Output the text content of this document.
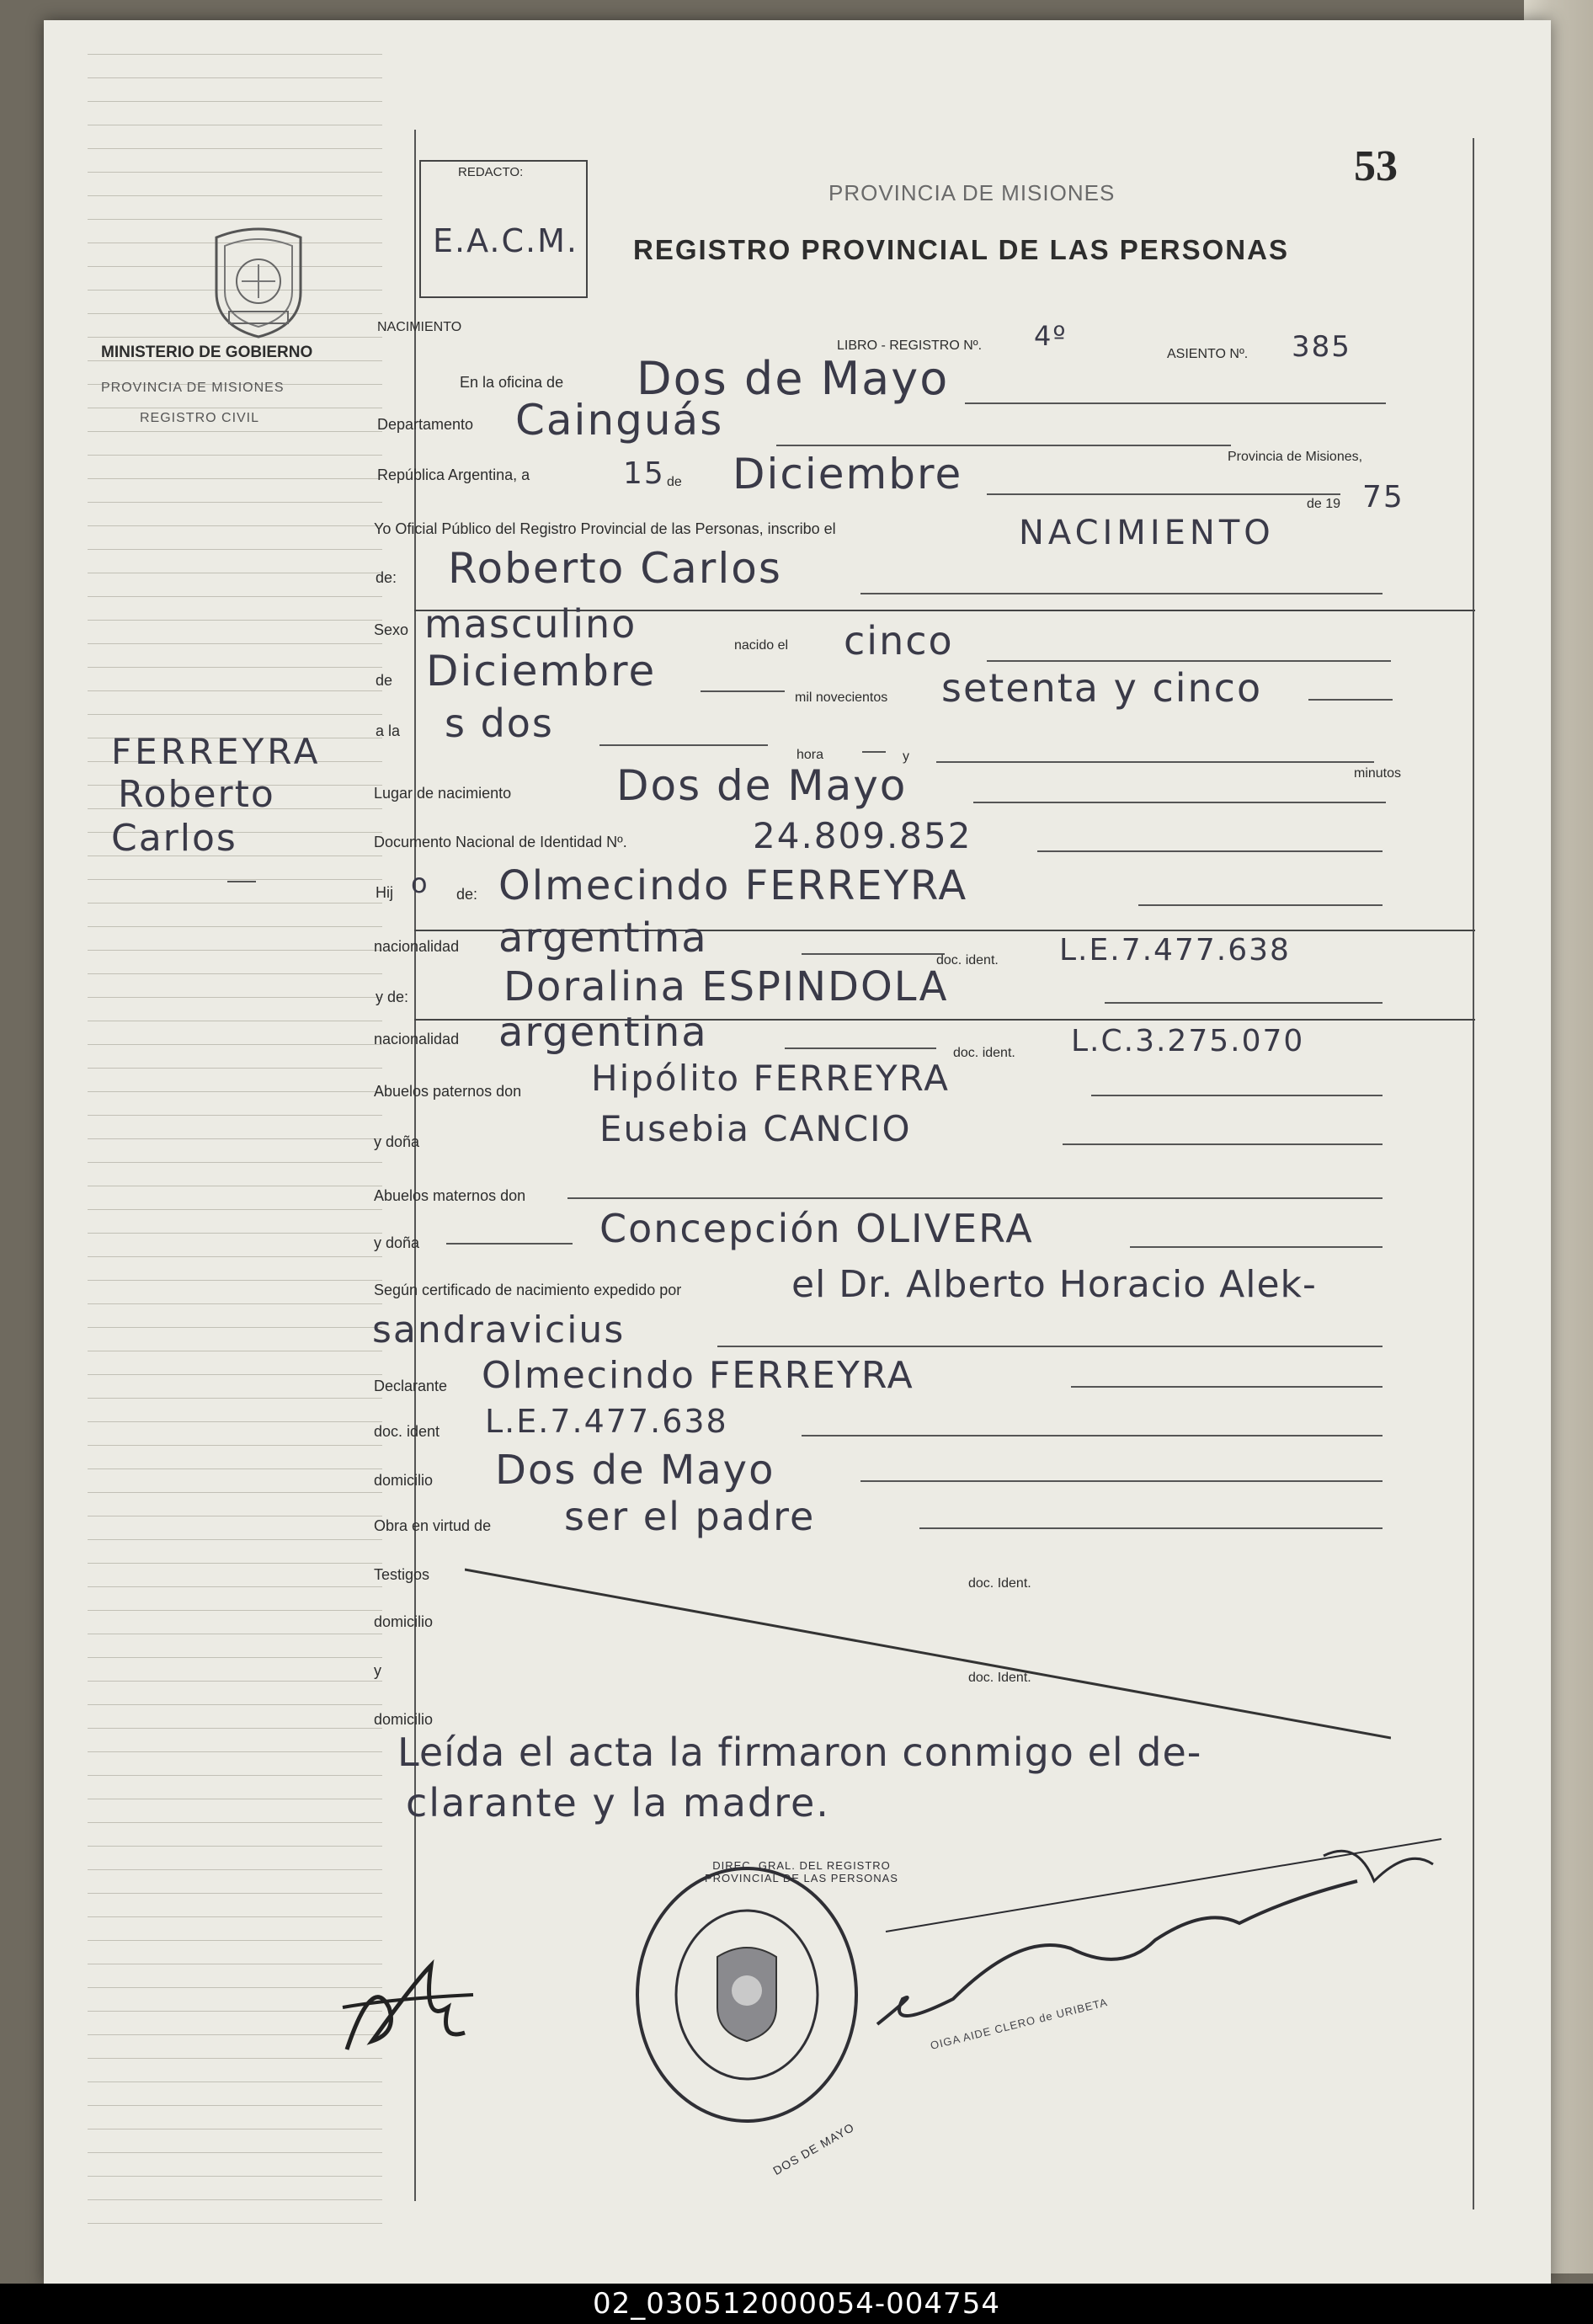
MINISTERIO DE GOBIERNO
PROVINCIA DE MISIONES
REGISTRO CIVIL
FERREYRA
Roberto
Carlos
REDACTO:
E.A.C.M.
53
PROVINCIA DE MISIONES
REGISTRO PROVINCIAL DE LAS PERSONAS
NACIMIENTO
LIBRO - REGISTRO Nº. 4º
ASIENTO Nº. 385
En la oficina de Dos de Mayo
Departamento Cainguás
Provincia de Misiones,
República Argentina, a	15 de Diciembre
de 19 75
Yo Oficial Público del Registro Provincial de las Personas, inscribo el	NACIMIENTO
de: Roberto Carlos
Sexo masculino	nacido el cinco
de Diciembre
mil novecientos setenta y cinco
a la s dos
hora	y
minutos
Lugar de nacimiento Dos de Mayo
Documento Nacional de Identidad Nº.	24.809.852
Hij o de: Olmecindo FERREYRA
nacionalidad argentina	doc. ident. L.E.7.477.638
y de: Doralina ESPINDOLA
nacionalidad argentina	doc. ident. L.C.3.275.070
Abuelos paternos don Hipólito FERREYRA
y doña	Eusebia CANCIO
Abuelos maternos don
y doña	Concepción OLIVERA
Según certificado de nacimiento expedido por	el Dr. Alberto Horacio Alek-
sandravicius
Declarante Olmecindo FERREYRA
doc. ident L.E.7.477.638
domicilio Dos de Mayo
Obra en virtud de ser el padre
Testigos
doc. Ident.
domicilio
y	doc. Ident.
domicilio
Leída el acta la firmaron conmigo el de-
clarante y la madre.
DOS DE MAYO
DIREC. GRAL. DEL REGISTRO PROVINCIAL DE LAS PERSONAS
OIGA AIDE CLERO de URIBETA
02_030512000054-004754
